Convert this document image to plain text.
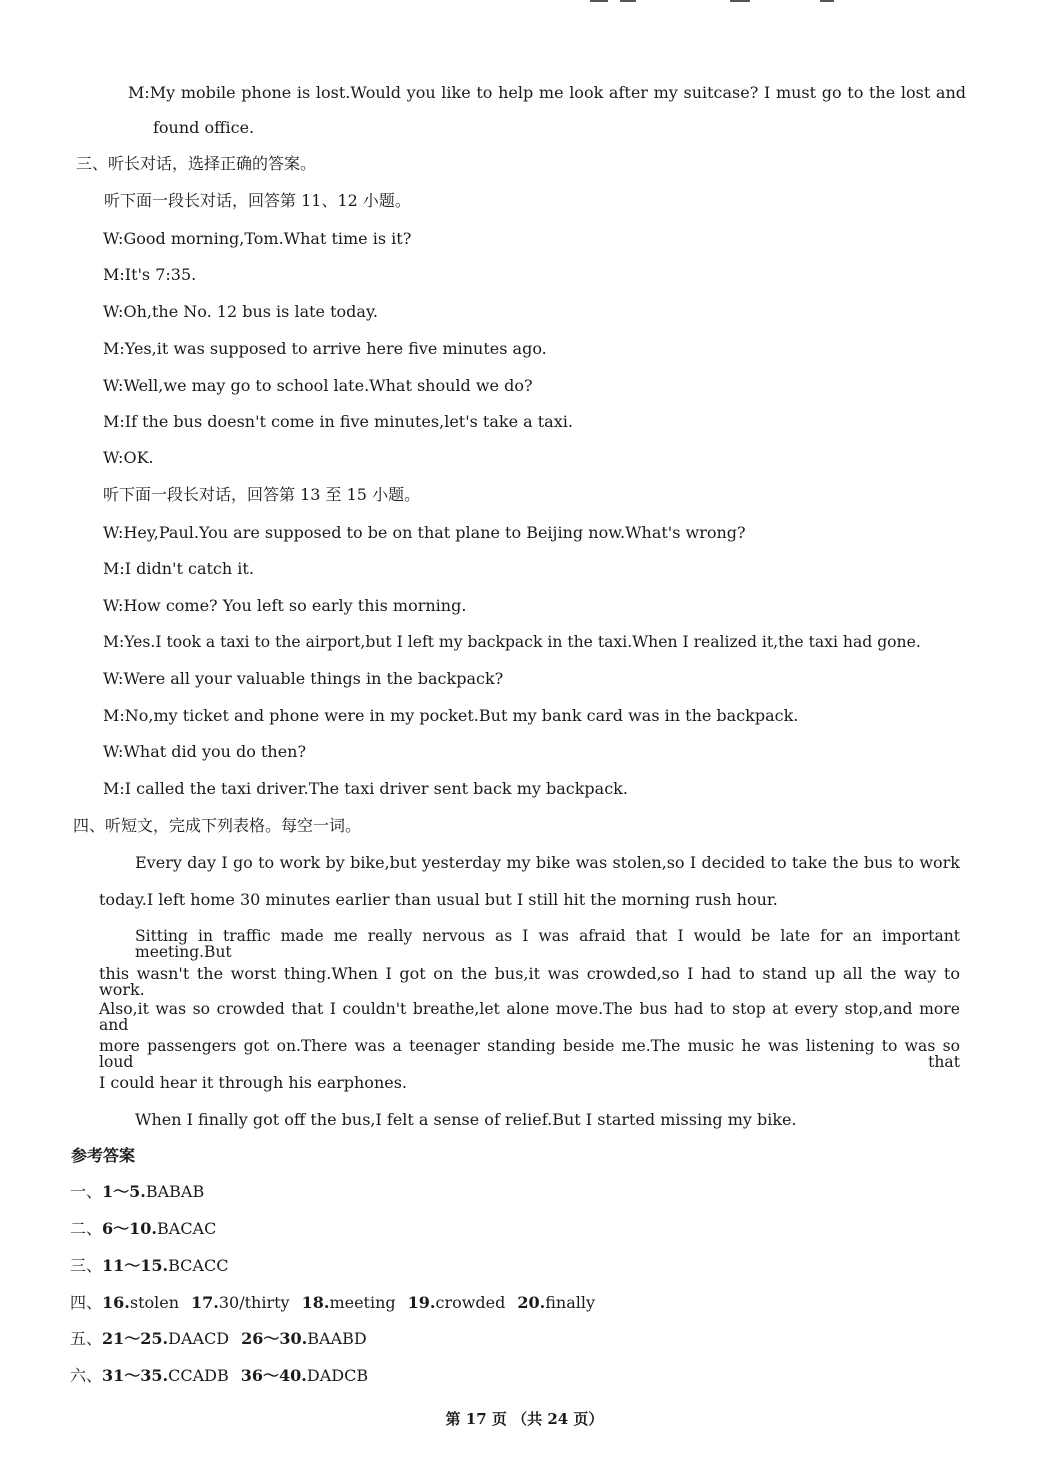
M:My mobile phone is lost.Would you like to help me look after my suitcase? I must go to the lost and
found office.
三、听长对话，选择正确的答案。
听下面一段长对话，回答第 11、12 小题。
W:Good morning,Tom.What time is it?
M:It's 7:35.
W:Oh,the No. 12 bus is late today.
M:Yes,it was supposed to arrive here five minutes ago.
W:Well,we may go to school late.What should we do?
M:If the bus doesn't come in five minutes,let's take a taxi.
W:OK.
听下面一段长对话，回答第 13 至 15 小题。
W:Hey,Paul.You are supposed to be on that plane to Beijing now.What's wrong?
M:I didn't catch it.
W:How come? You left so early this morning.
M:Yes.I took a taxi to the airport,but I left my backpack in the taxi.When I realized it,the taxi had gone.
W:Were all your valuable things in the backpack?
M:No,my ticket and phone were in my pocket.But my bank card was in the backpack.
W:What did you do then?
M:I called the taxi driver.The taxi driver sent back my backpack.
四、听短文，完成下列表格。每空一词。
Every day I go to work by bike,but yesterday my bike was stolen,so I decided to take the bus to work
today.I left home 30 minutes earlier than usual but I still hit the morning rush hour.
Sitting in traffic made me really nervous as I was afraid that I would be late for an important meeting.But
this wasn't the worst thing.When I got on the bus,it was crowded,so I had to stand up all the way to work.
Also,it was so crowded that I couldn't breathe,let alone move.The bus had to stop at every stop,and more and
more passengers got on.There was a teenager standing beside me.The music he was listening to was so loud that
I could hear it through his earphones.
When I finally got off the bus,I felt a sense of relief.But I started missing my bike.
参考答案
一、1～5.BABAB
二、6～10.BACAC
三、11～15.BCACC
四、16.stolen 17.30/thirty 18.meeting 19.crowded 20.finally
五、21～25.DAACD 26～30.BAABD
六、31～35.CCADB 36～40.DADCB
第 17 页 （共 24 页）
